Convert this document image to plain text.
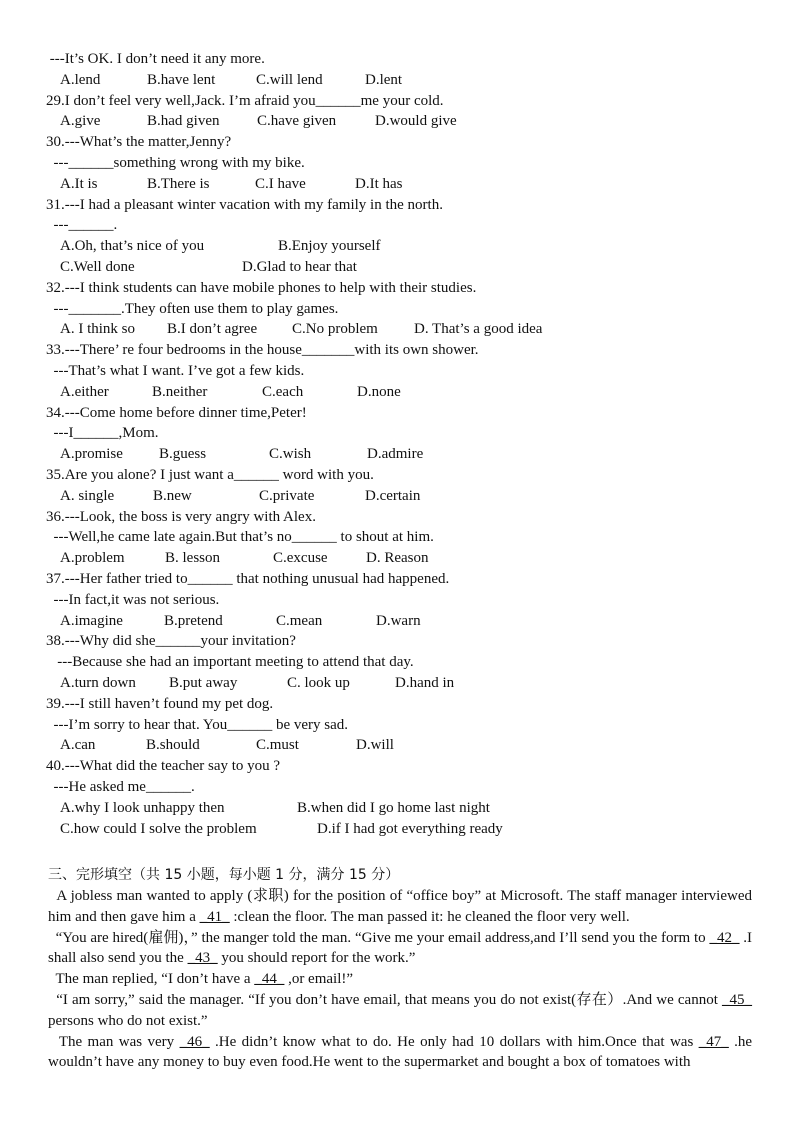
---It’s OK. I don’t need it any more.
A.lend	B.have lent	C.will lend	D.lent
29.I don’t feel very well,Jack. I’m afraid you______me your cold.
A.give	B.had given	C.have given	D.would give
30.---What’s the matter,Jenny?
---______something wrong with my bike.
A.It is	B.There is	C.I have	D.It has
31.---I had a pleasant winter vacation with my family in the north.
---______.
A.Oh, that’s nice of you	B.Enjoy yourself
C.Well done	D.Glad to hear that
32.---I think students can have mobile phones to help with their studies.
---_______.They often use them to play games.
A. I think so B.I don’t agree C.No problem D. That’s a good idea
33.---There’ re four bedrooms in the house_______with its own shower.
---That’s what I want. I’ve got a few kids.
A.either	B.neither	C.each	D.none
34.---Come home before dinner time,Peter!
---I______,Mom.
A.promise B.guess	C.wish	D.admire
35.Are you alone? I just want a______ word with you.
A. single	B.new	C.private	D.certain
36.---Look, the boss is very angry with Alex.
---Well,he came late again.But that’s no______ to shout at him.
A.problem	B. lesson	C.excuse	D. Reason
37.---Her father tried to______ that nothing unusual had happened.
---In fact,it was not serious.
A.imagine	B.pretend	C.mean	D.warn
38.---Why did she______your invitation?
---Because she had an important meeting to attend that day.
A.turn down B.put away	C. look up	D.hand in
39.---I still haven’t found my pet dog.
---I’m sorry to hear that. You______ be very sad.
A.can	B.should	C.must	D.will
40.---What did the teacher say to you ?
---He asked me______.
A.why I look unhappy then	B.when did I go home last night
C.how could I solve the problem	D.if I had got everything ready

A jobless man wanted to apply (求职) for the position of “office boy” at Microsoft. The staff manager interviewed him and then gave him a _41_ :clean the floor. The man passed it: he cleaned the floor very well.

“You are hired(雇佣)，” the manger told the man. “Give me your email address,and I’ll send you the form to _42_ .I shall also send you the _43_ you should report for the work.”

The man replied, “I don’t have a _44_ ,or email!”

“I am sorry,” said the manager. “If you don’t have email, that means you do not exist(存在）.And we cannot _45_ persons who do not exist.”

The man was very _46_ .He didn’t know what to do. He only had 10 dollars with him.Once that was _47_ .he wouldn’t have any money to buy even food.He went to the supermarket and bought a box of tomatoes with

三、完形填空（共 15 小题，每小题 1 分，满分 15 分）
